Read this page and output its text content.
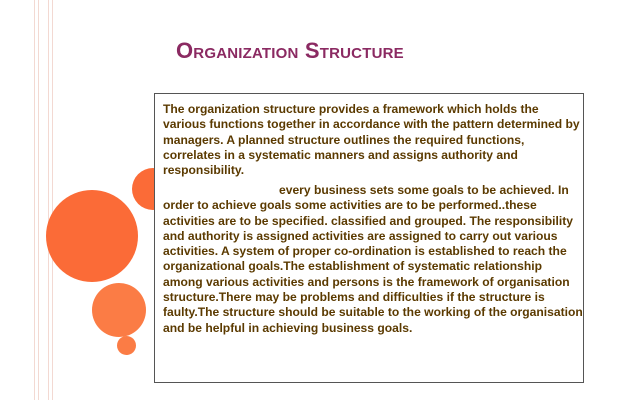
Organization Structure

The organization structure provides a framework which holds the various functions together in accordance with the pattern determined by managers. A planned structure outlines the required functions, correlates in a systematic manners and assigns authority and responsibility.

every business sets some goals to be achieved. In order to achieve goals some activities are to be performed..these activities are to be specified. classified and grouped. The responsibility and authority is assigned activities are assigned to carry out various activities. A system of proper co-ordination is established to reach the organizational goals.The establishment of systematic relationship among various activities and persons is the framework of organisation structure.There may be problems and difficulties if the structure is faulty.The structure should be suitable to the working of the organisation and be helpful in achieving business goals.
